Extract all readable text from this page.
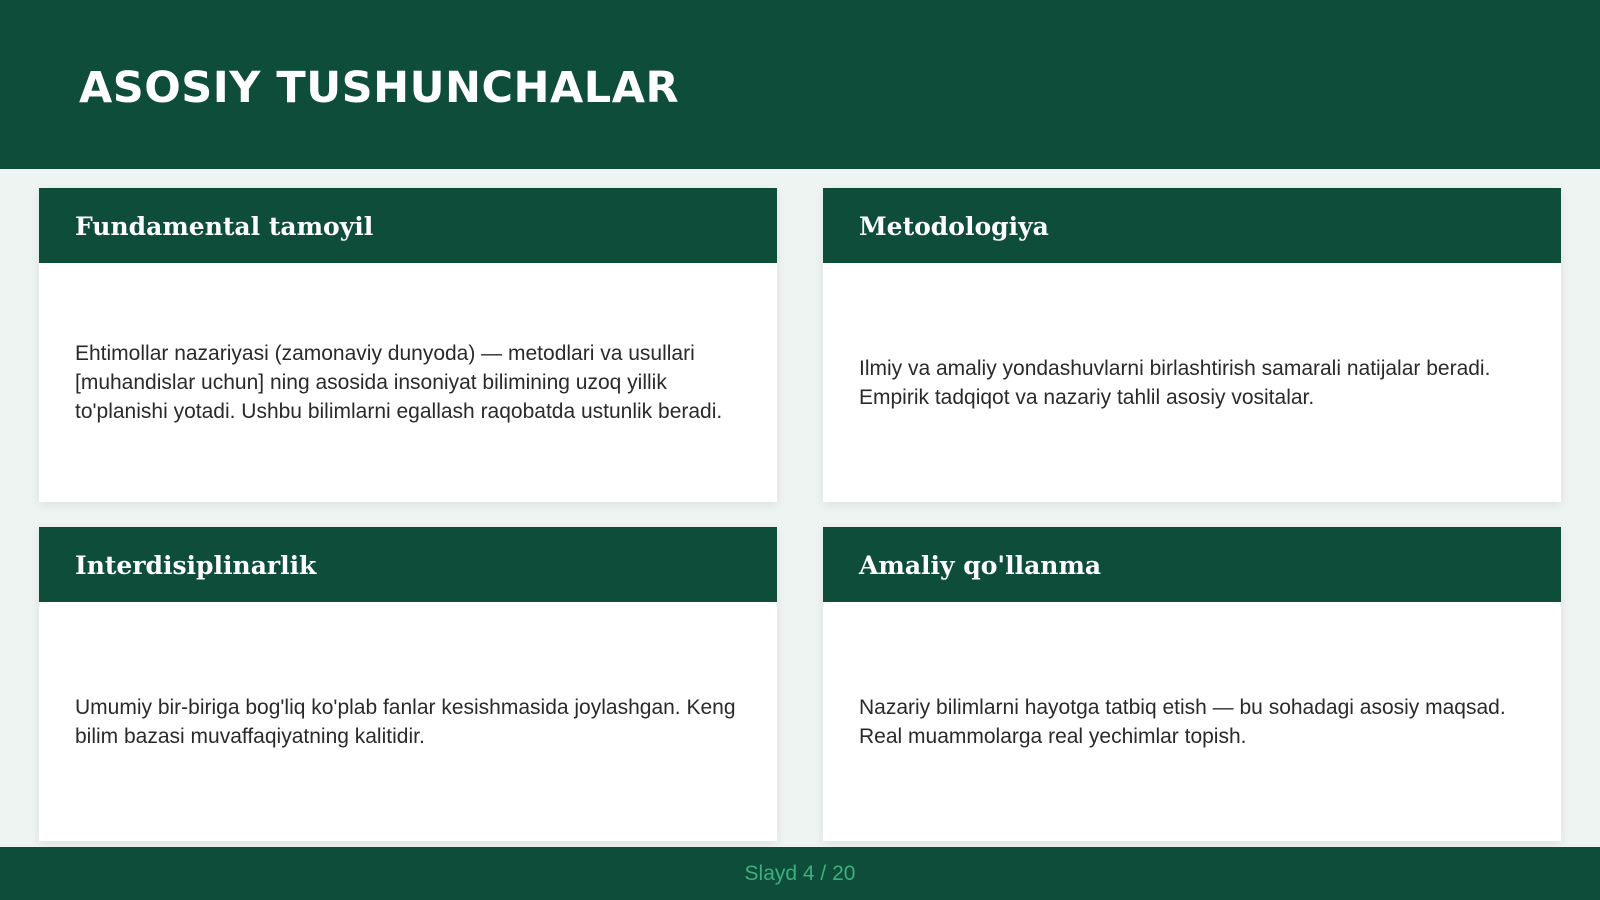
ASOSIY TUSHUNCHALAR
Fundamental tamoyil

Ehtimollar nazariyasi (zamonaviy dunyoda) — metodlari va usullari [muhandislar uchun] ning asosida insoniyat bilimining uzoq yillik to'planishi yotadi. Ushbu bilimlarni egallash raqobatda ustunlik beradi.

Metodologiya

Ilmiy va amaliy yondashuvlarni birlashtirish samarali natijalar beradi. Empirik tadqiqot va nazariy tahlil asosiy vositalar.

Interdisiplinarlik

Umumiy bir-biriga bog'liq ko'plab fanlar kesishmasida joylashgan. Keng bilim bazasi muvaffaqiyatning kalitidir.

Amaliy qo'llanma

Nazariy bilimlarni hayotga tatbiq etish — bu sohadagi asosiy maqsad. Real muammolarga real yechimlar topish.

Slayd 4 / 20
